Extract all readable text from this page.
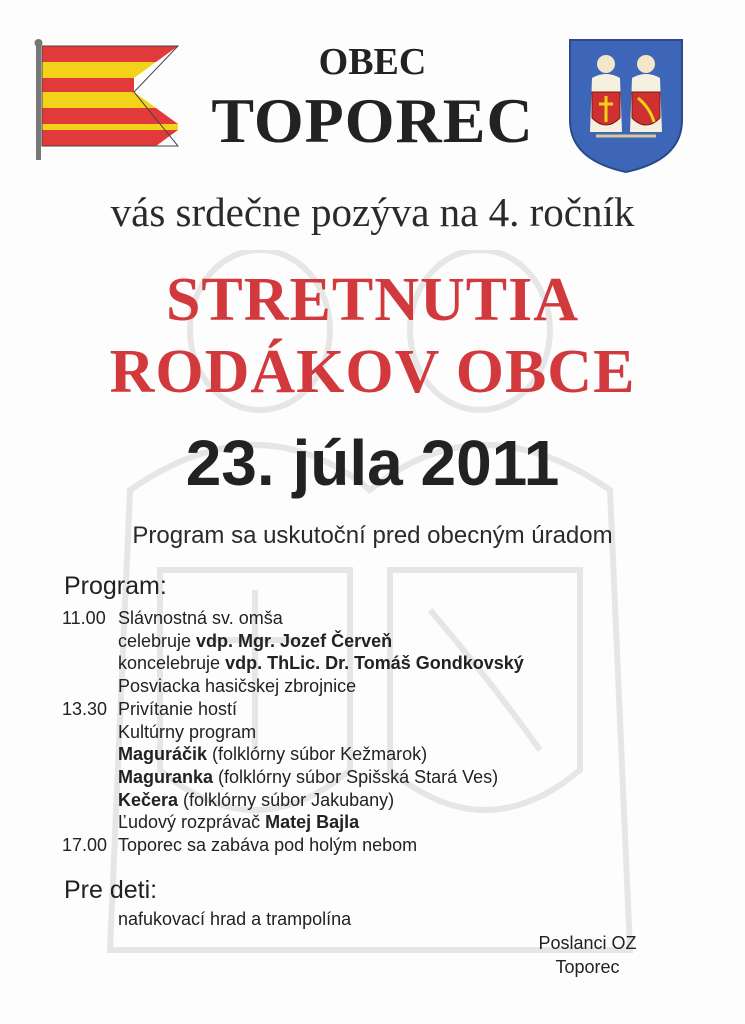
OBEC
TOPOREC
vás srdečne pozýva na 4. ročník
STRETNUTIA
RODÁKOV OBCE
23. júla 2011
Program sa uskutoční pred obecným úradom
Program:
11.00 Slávnostná sv. omša
celebruje vdp. Mgr. Jozef Červeň
koncelebruje vdp. ThLic. Dr. Tomáš Gondkovský
Posviacka hasičskej zbrojnice
13.30 Privítanie hostí
Kultúrny program
Maguráčik (folklórny súbor Kežmarok)
Maguranka (folklórny súbor Spišská Stará Ves)
Kečera (folklórny súbor Jakubany)
Ľudový rozprávač Matej Bajla
17.00 Toporec sa zabáva pod holým nebom
Pre deti:
nafukovací hrad a trampolína
Poslanci OZ
Toporec
